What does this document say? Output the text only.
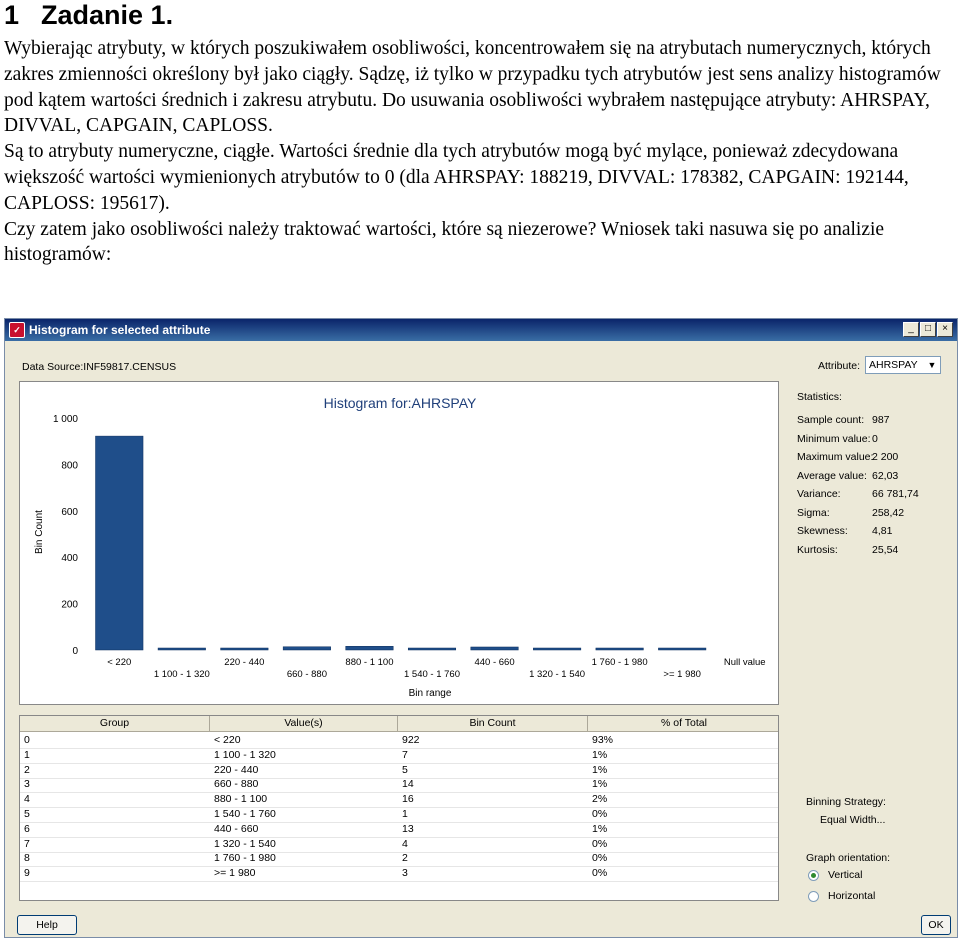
1 Zadanie 1.

Wybierając atrybuty, w których poszukiwałem osobliwości, koncentrowałem się na atrybutach numerycznych, których zakres zmienności określony był jako ciągły. Sądzę, iż tylko w przypadku tych atrybutów jest sens analizy histogramów pod kątem wartości średnich i zakresu atrybutu. Do usuwania osobliwości wybrałem następujące atrybuty: AHRSPAY, DIVVAL, CAPGAIN, CAPLOSS.

Są to atrybuty numeryczne, ciągłe. Wartości średnie dla tych atrybutów mogą być mylące, ponieważ zdecydowana większość wartości wymienionych atrybutów to 0 (dla AHRSPAY: 188219, DIVVAL: 178382, CAPGAIN: 192144, CAPLOSS: 195617).

Czy zatem jako osobliwości należy traktować wartości, które są niezerowe? Wniosek taki nasuwa się po analizie histogramów:

✓ Histogram for selected attribute	_	□	×
Data Source:INF59817.CENSUS	Attribute: AHRSPAY ▼
Histogram for:AHRSPAY
0
200
400
600
800
1 000
Bin Count
< 220
1 100 - 1 320
220 - 440
660 - 880
880 - 1 100
1 540 - 1 760
440 - 660
1 320 - 1 540
1 760 - 1 980
>= 1 980
Null value
Bin range
Statistics:
Sample count: 987
Minimum value: 0
Maximum value:
2 200
Average value: 62,03
Variance:	66 781,74
Sigma:	258,42
Skewness: 4,81
Kurtosis:	25,54
Group	Value(s)	Bin Count	% of Total
0	< 220	922	93%
1	1 100 - 1 320	7	1%
2	220 - 440	5	1%
3	660 - 880	14	1%
4	880 - 1 100	16	2%
5	1 540 - 1 760	1	0%
6	440 - 660	13	1%
7	1 320 - 1 540	4	0%
8	1 760 - 1 980	2	0%
9	>= 1 980	3	0%
Binning Strategy:
Equal Width...
Graph orientation:
Vertical
Horizontal
Help	OK
